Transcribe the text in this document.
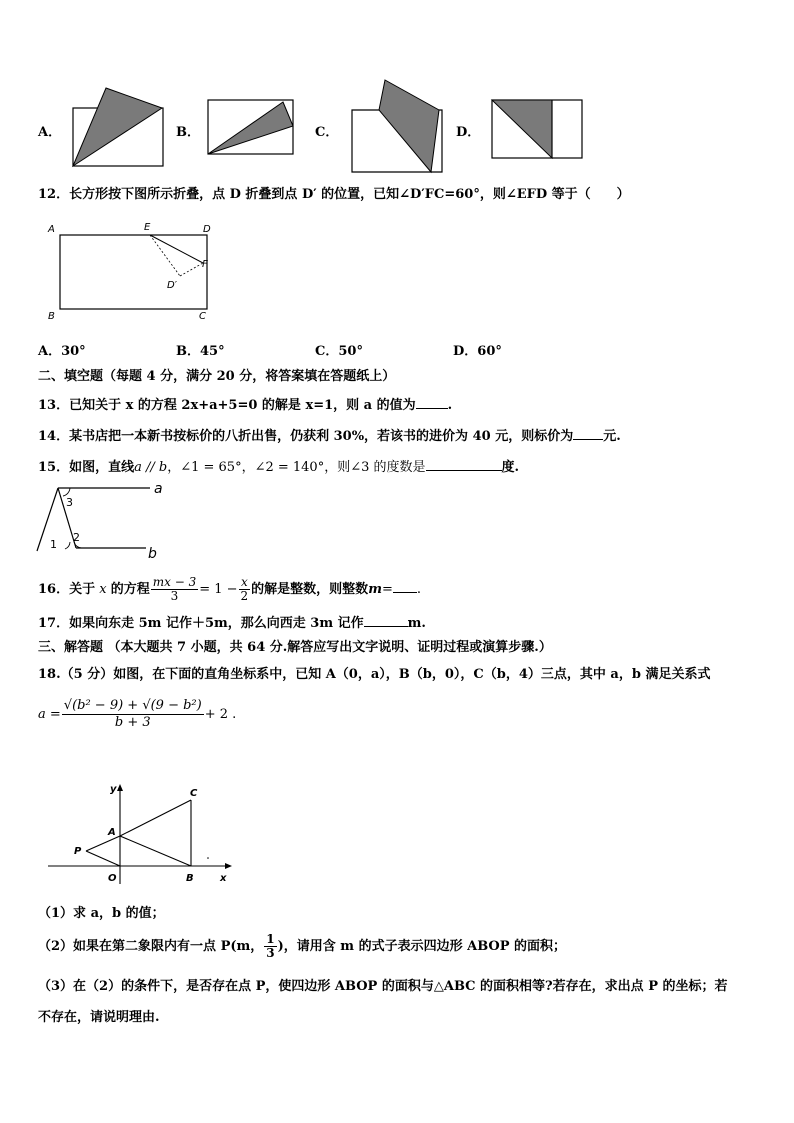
A．	B．	C．	D．
12．长方形按下图所示折叠，点 D 折叠到点 D′ 的位置，已知∠D′FC=60°，则∠EFD 等于（　　）
A	E	D
F
D′
B	C
A．30°	B．45°	C．50°	D．60°
二、填空题（每题 4 分，满分 20 分，将答案填在答题纸上）
13．已知关于 x 的方程 2x+a+5=0 的解是 x=1，则 a 的值为 .
14．某书店把一本新书按标价的八折出售，仍获利 30%，若该书的进价为 40 元，则标价为 元.
15．如图，直线a // b，∠1 = 65°，∠2 = 140°，则∠3 的度数是	度.
a
b
3
1
2
16．关于 x 的方程 $\frac{mx - 3}{3} = 1 - \frac{x}{2}$ 的解是整数，则整数m= .
17．如果向东走 5m 记作＋5m，那么向西走 3m 记作	m.
三、解答题 （本大题共 7 小题，共 64 分.解答应写出文字说明、证明过程或演算步骤.）
18.（5 分）如图，在下面的直角坐标系中，已知 A（0，a），B（b，0），C（b，4）三点，其中 a，b 满足关系式
$a = \frac{\text{√(b² − 9) + √(9 − b²)}}{b + 3} + 2$ .
y	C
A
P
O	B	x
（1）求 a，b 的值；
（2）如果在第二象限内有一点 P(m， $\frac{1}{3}$ )，请用含 m 的式子表示四边形 ABOP 的面积；
（3）在（2）的条件下，是否存在点 P，使四边形 ABOP 的面积与△ABC 的面积相等?若存在，求出点 P 的坐标；若
不存在，请说明理由.
